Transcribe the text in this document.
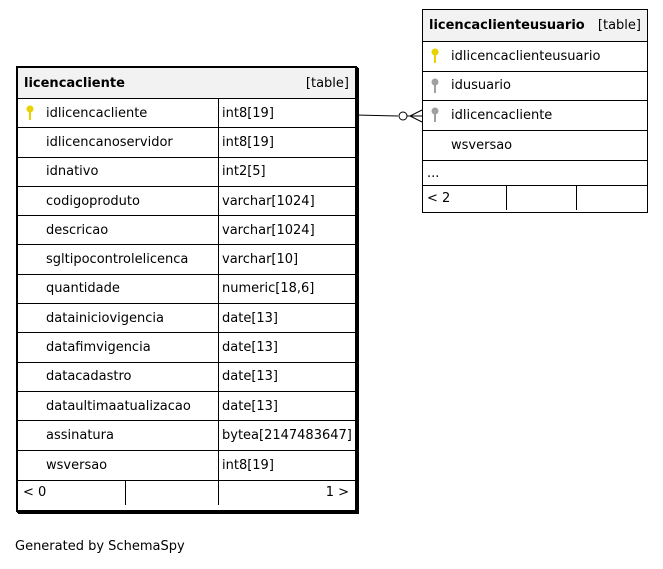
licencacliente	[table]
idlicencacliente	int8[19]
idlicencanoservidor	int8[19]
idnativo	int2[5]
codigoproduto	varchar[1024]
descricao	varchar[1024]
sgltipocontrolelicenca	varchar[10]
quantidade	numeric[18,6]
datainiciovigencia	date[13]
datafimvigencia	date[13]
datacadastro	date[13]
dataultimaatualizacao	date[13]
assinatura	bytea[2147483647]
wsversao	int8[19]
< 0	1 >
licencaclienteusuario [table]
idlicencaclienteusuario
idusuario
idlicencacliente
wsversao
...
< 2
Generated by SchemaSpy
